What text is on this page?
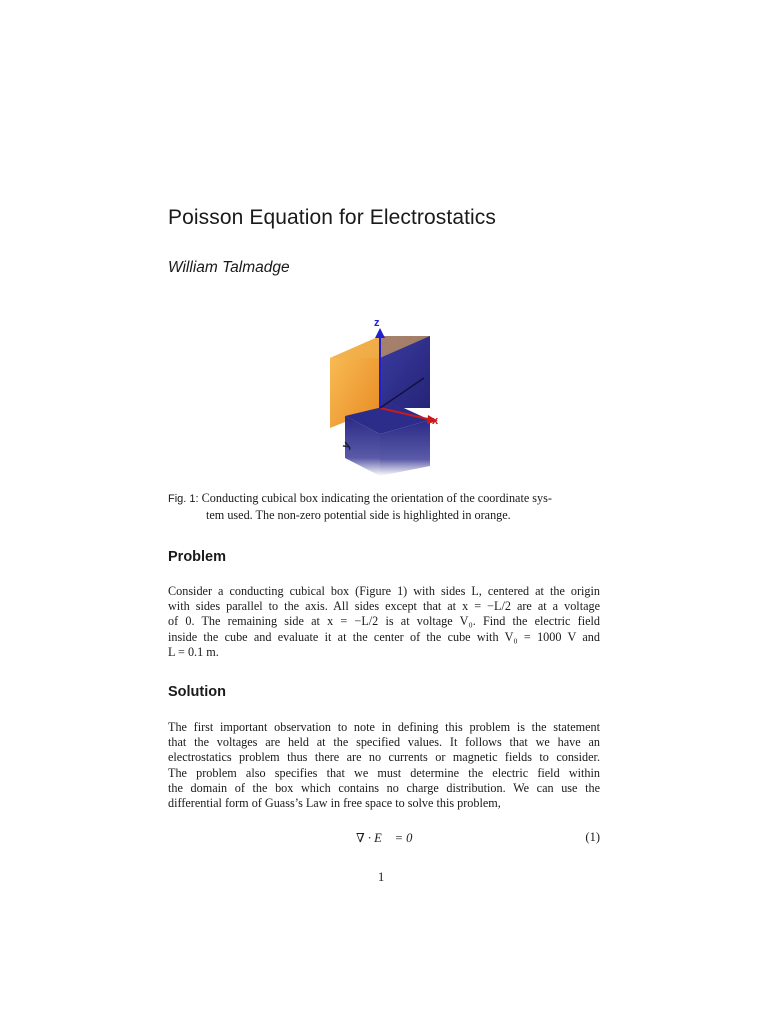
Poisson Equation for Electrostatics
William Talmadge
z
x
y
Fig. 1: Conducting cubical box indicating the orientation of the coordinate sys-
tem used. The non-zero potential side is highlighted in orange.
Problem
Consider a conducting cubical box (Figure 1) with sides L, centered at the origin
with sides parallel to the axis. All sides except that at x = −L/2 are at a voltage
of 0. The remaining side at x = −L/2 is at voltage V₀. Find the electric field
inside the cube and evaluate it at the center of the cube with V₀ = 1000 V and
L = 0.1 m.
Solution
The first important observation to note in defining this problem is the statement
that the voltages are held at the specified values. It follows that we have an
electrostatics problem thus there are no currents or magnetic fields to consider.
The problem also specifies that we must determine the electric field within
the domain of the box which contains no charge distribution. We can use the
differential form of Guass’s Law in free space to solve this problem,
∇ · E⃗ = 0	(1)
1
